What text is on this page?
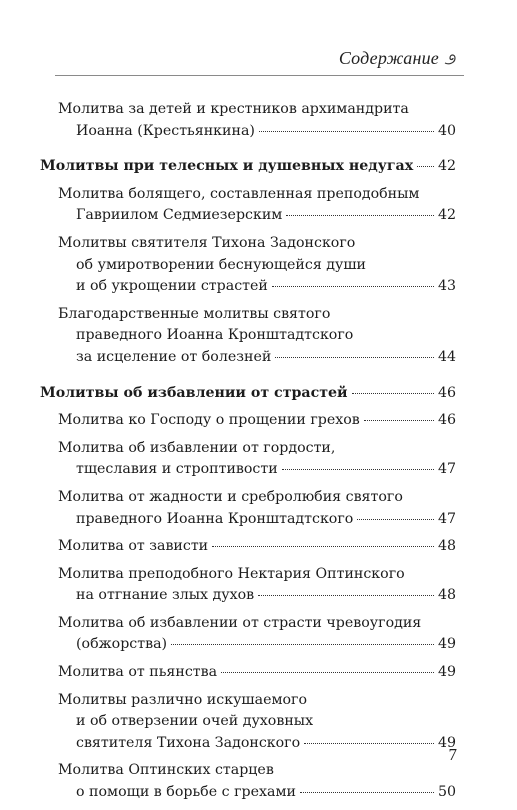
Содержание
Молитва за детей и крестников архимандрита
Иоанна (Крестьянкина)	40
Молитвы при телесных и душевных недугах 42
Молитва болящего, составленная преподобным
Гавриилом Седмиезерским	42
Молитвы святителя Тихона Задонского
об умиротворении беснующейся души
и об укрощении страстей	43
Благодарственные молитвы святого
праведного Иоанна Кронштадтского
за исцеление от болезней	44
Молитвы об избавлении от страстей	46
Молитва ко Господу о прощении грехов	46
Молитва об избавлении от гордости,
тщеславия и строптивости	47
Молитва от жадности и сребролюбия святого
праведного Иоанна Кронштадтского	47
Молитва от зависти	48
Молитва преподобного Нектария Оптинского
на отгнание злых духов	48
Молитва об избавлении от страсти чревоугодия
(обжорства)	49
Молитва от пьянства	49
Молитвы различно искушаемого
и об отверзении очей духовных
святителя Тихона Задонского	49
Молитва Оптинских старцев
о помощи в борьбе с грехами	50
7
